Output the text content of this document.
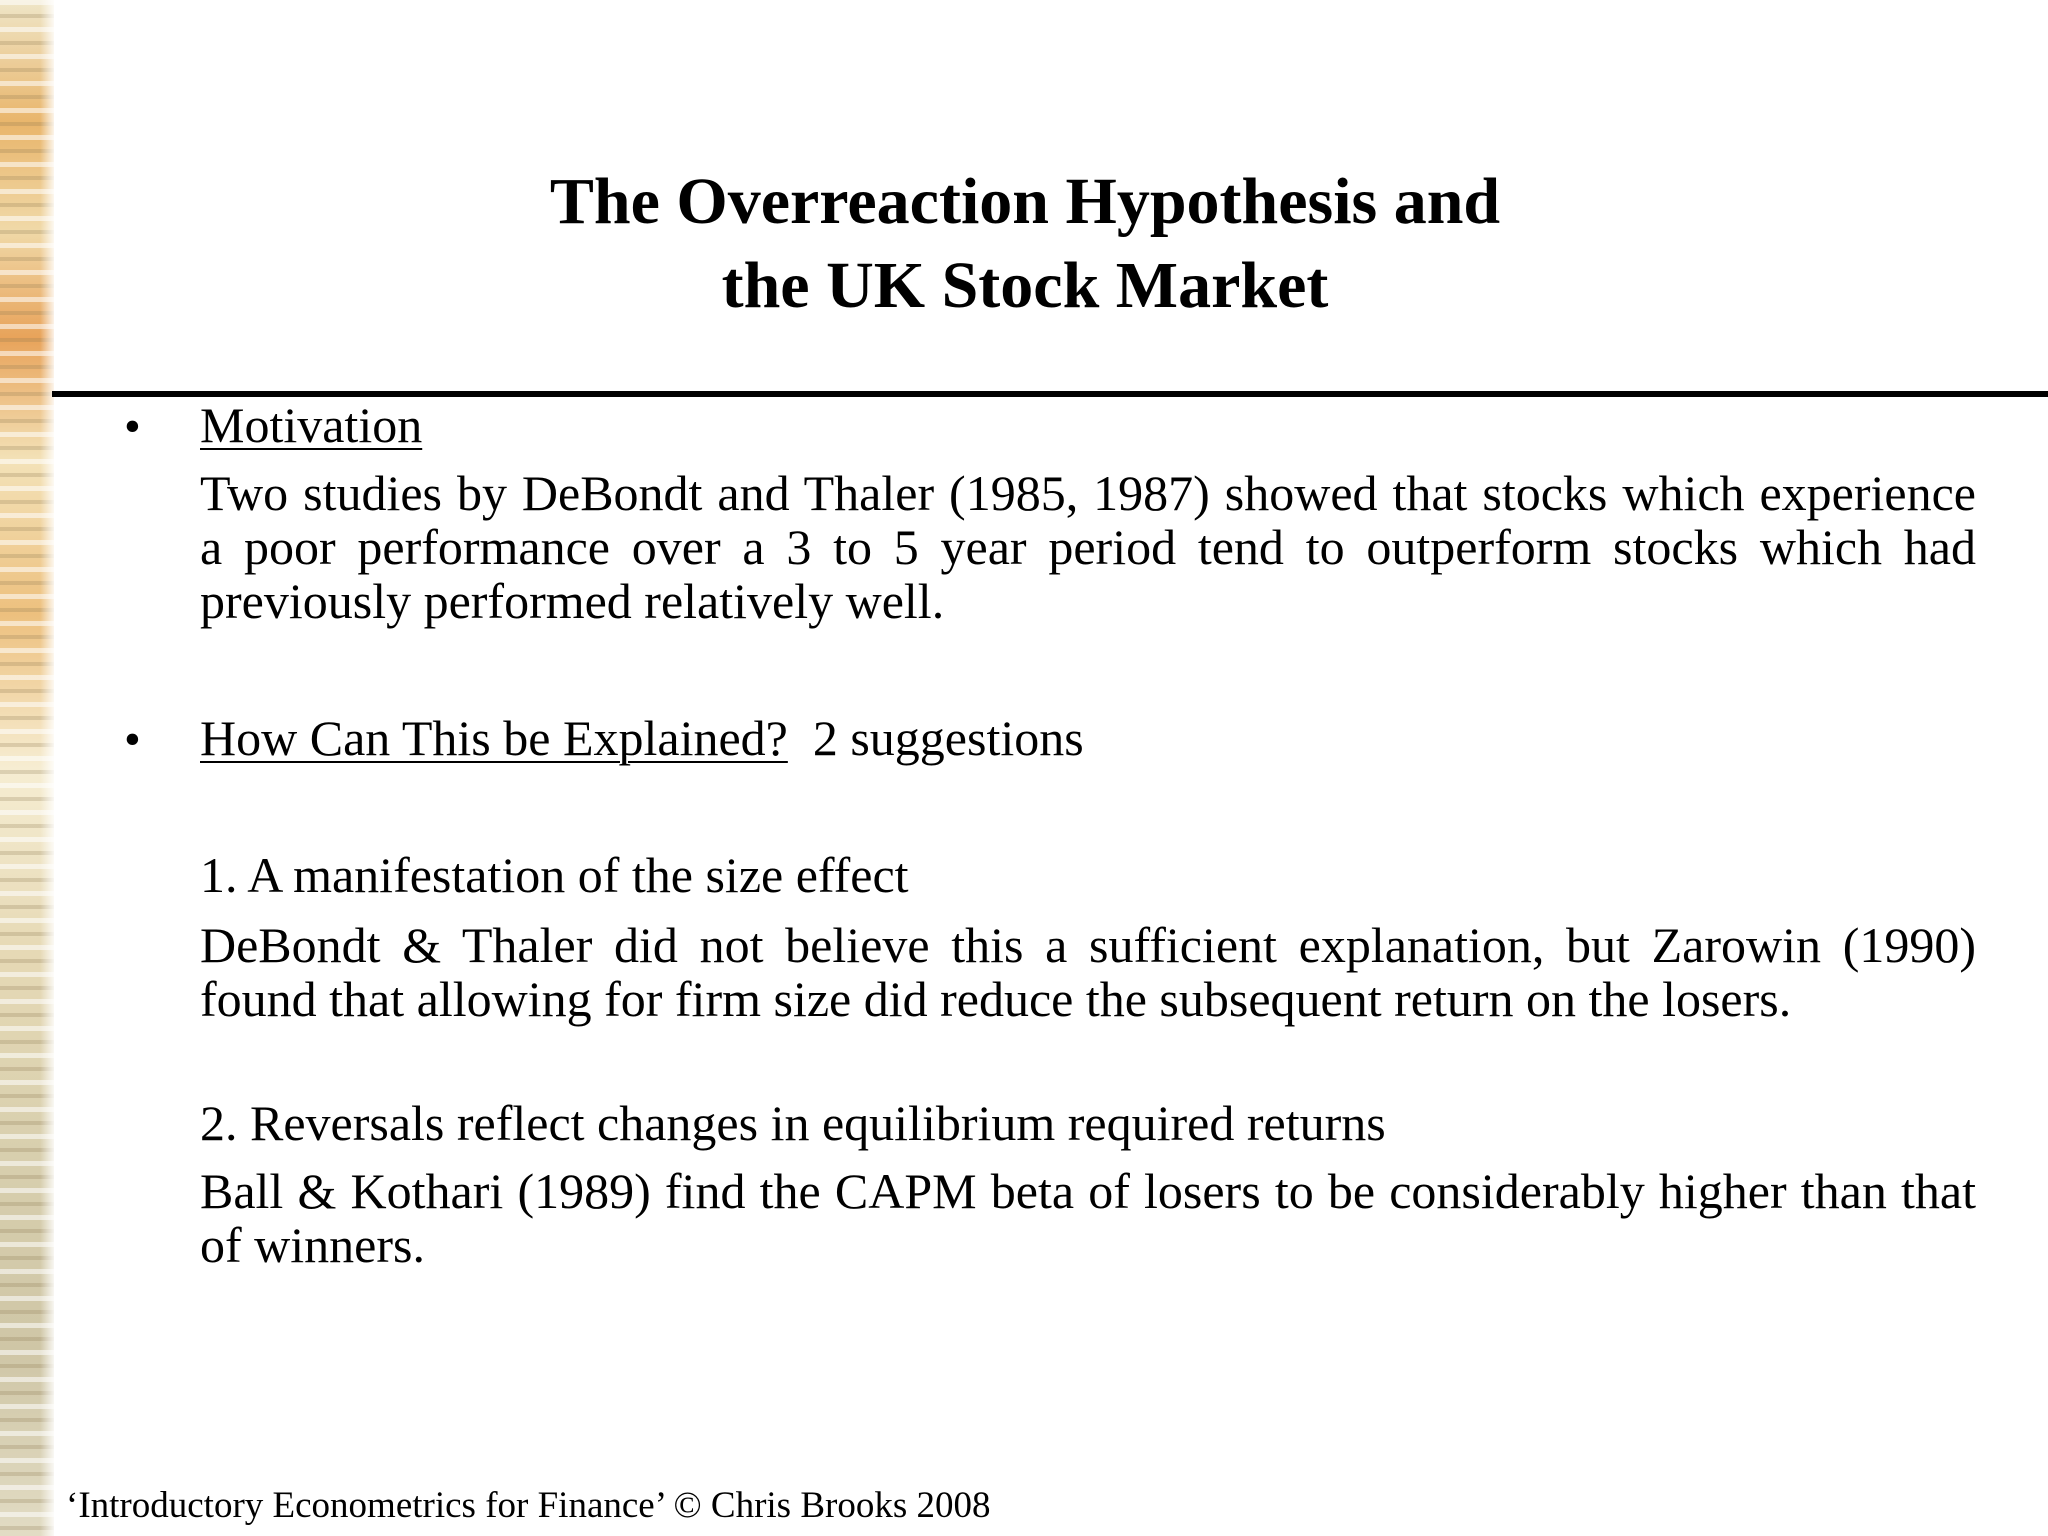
The Overreaction Hypothesis and
the UK Stock Market
• Motivation
Two studies by DeBondt and Thaler (1985, 1987) showed that stocks which experience a poor performance over a 3 to 5 year period tend to outperform stocks which had previously performed relatively well.
• How Can This be Explained? 2 suggestions
1. A manifestation of the size effect
DeBondt & Thaler did not believe this a sufficient explanation, but Zarowin (1990) found that allowing for firm size did reduce the subsequent return on the losers.
2. Reversals reflect changes in equilibrium required returns
Ball & Kothari (1989) find the CAPM beta of losers to be considerably higher than that of winners.
‘Introductory Econometrics for Finance’ © Chris Brooks 2008
